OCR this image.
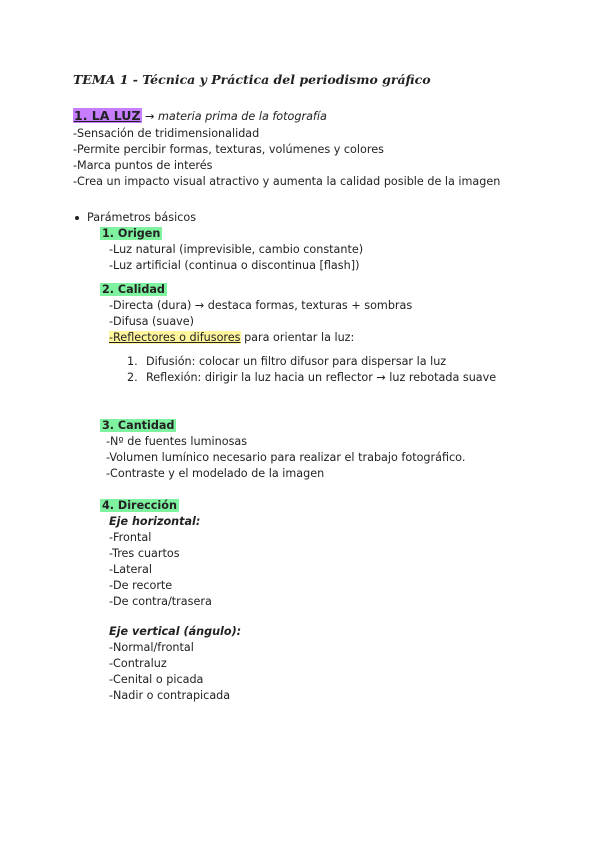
TEMA 1 - Técnica y Práctica del periodismo gráfico
1. LA LUZ → materia prima de la fotografía
-Sensación de tridimensionalidad
-Permite percibir formas, texturas, volúmenes y colores
-Marca puntos de interés
-Crea un impacto visual atractivo y aumenta la calidad posible de la imagen
Parámetros básicos
1. Origen
-Luz natural (imprevisible, cambio constante)
-Luz artificial (continua o discontinua [flash])
2. Calidad
-Directa (dura) → destaca formas, texturas + sombras
-Difusa (suave)
-Reflectores o difusores para orientar la luz:
1. Difusión: colocar un filtro difusor para dispersar la luz
2. Reflexión: dirigir la luz hacia un reflector → luz rebotada suave
3. Cantidad
-Nº de fuentes luminosas
-Volumen lumínico necesario para realizar el trabajo fotográfico.
-Contraste y el modelado de la imagen
4. Dirección
Eje horizontal:
-Frontal
-Tres cuartos
-Lateral
-De recorte
-De contra/trasera
Eje vertical (ángulo):
-Normal/frontal
-Contraluz
-Cenital o picada
-Nadir o contrapicada
